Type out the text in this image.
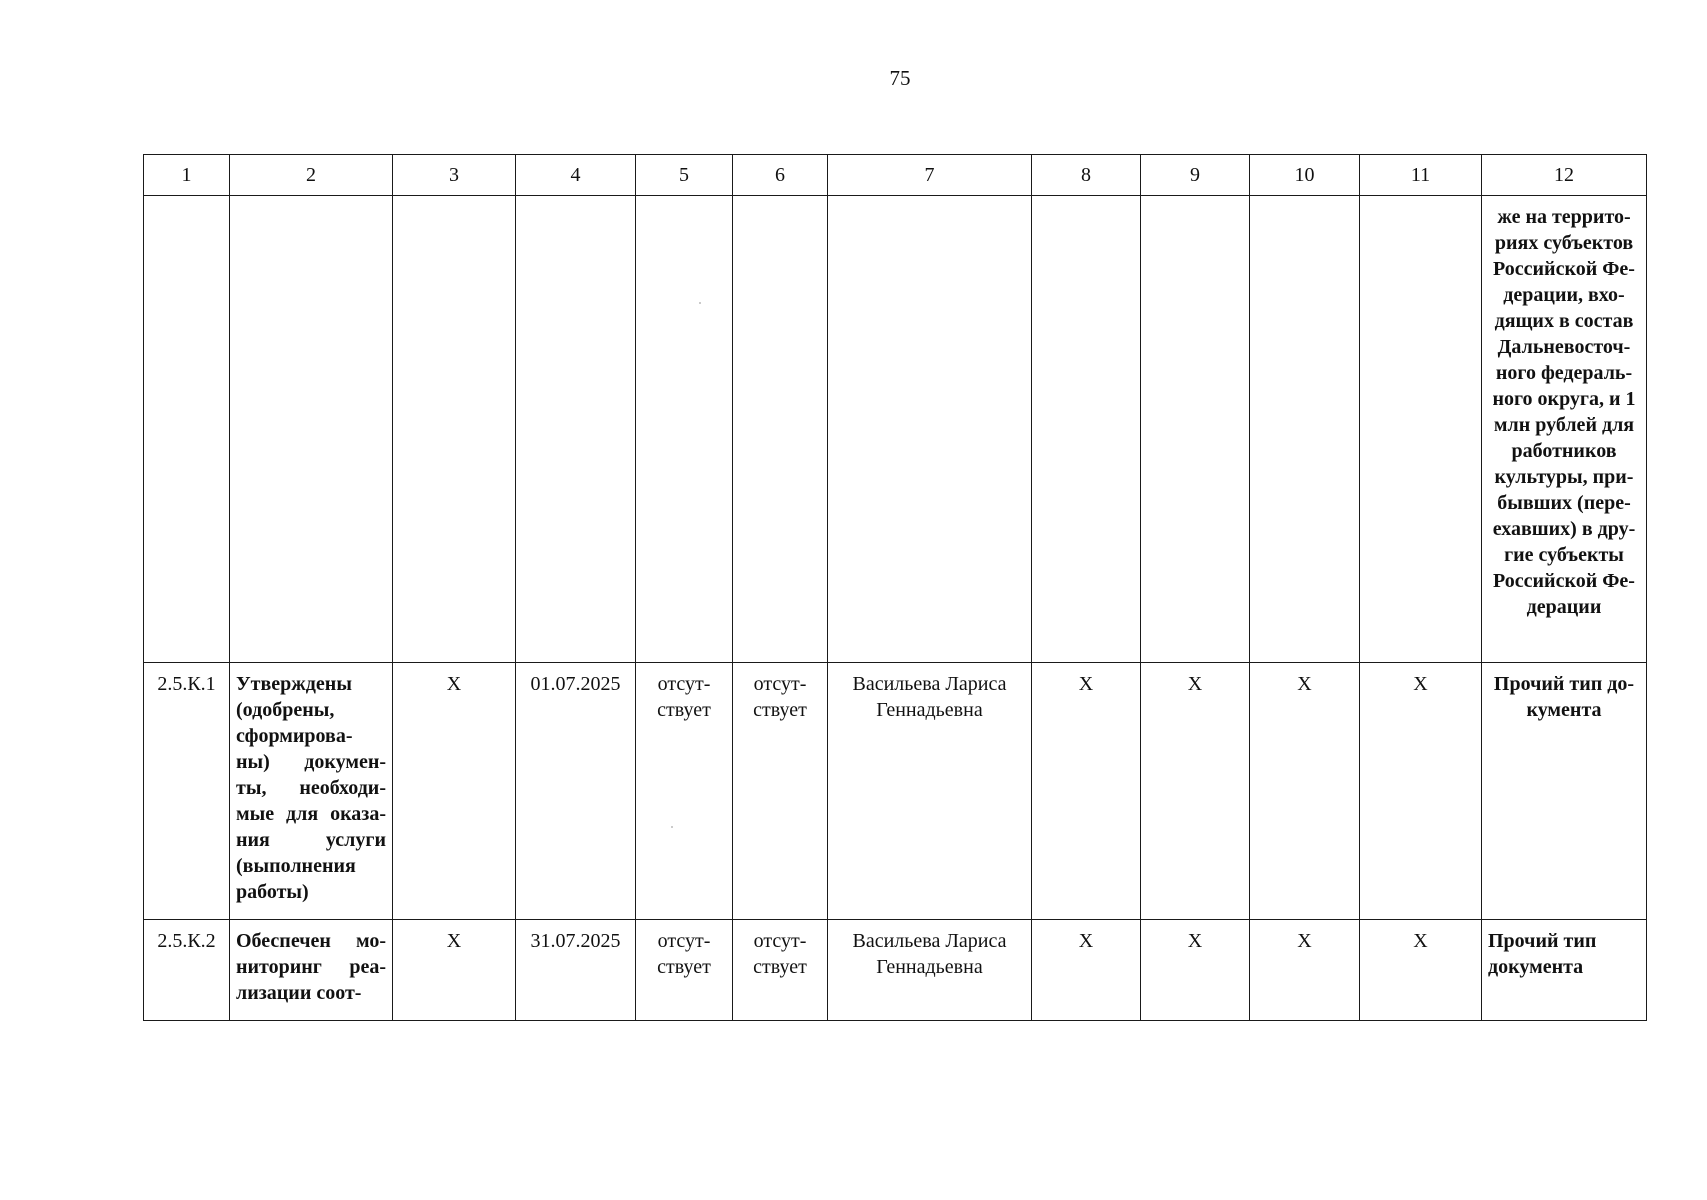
75
1	2	3	4	5	6	7	8	9	10	11	12
											же на террито-риях субъектов Российской Фе-дерации, вхо-дящих в состав Дальневосточ-ного федераль-ного округа, и 1 млн рублей для работников культуры, при-бывших (пере-ехавших) в дру-гие субъекты Российской Фе-дерации
2.5.К.1	Утверждены (одобрены, сформирова-ны) докумен-ты, необходи-мые для оказа-ния услуги (выполнения работы)	X	01.07.2025	отсут-ствует	отсут-ствует	Васильева Лариса Геннадьевна	X	X	X	X	Прочий тип до-кумента
2.5.К.2	Обеспечен мо-ниторинг реа-лизации соот-	X	31.07.2025	отсут-ствует	отсут-ствует	Васильева Лариса Геннадьевна	X	X	X	X	Прочий тип документа
